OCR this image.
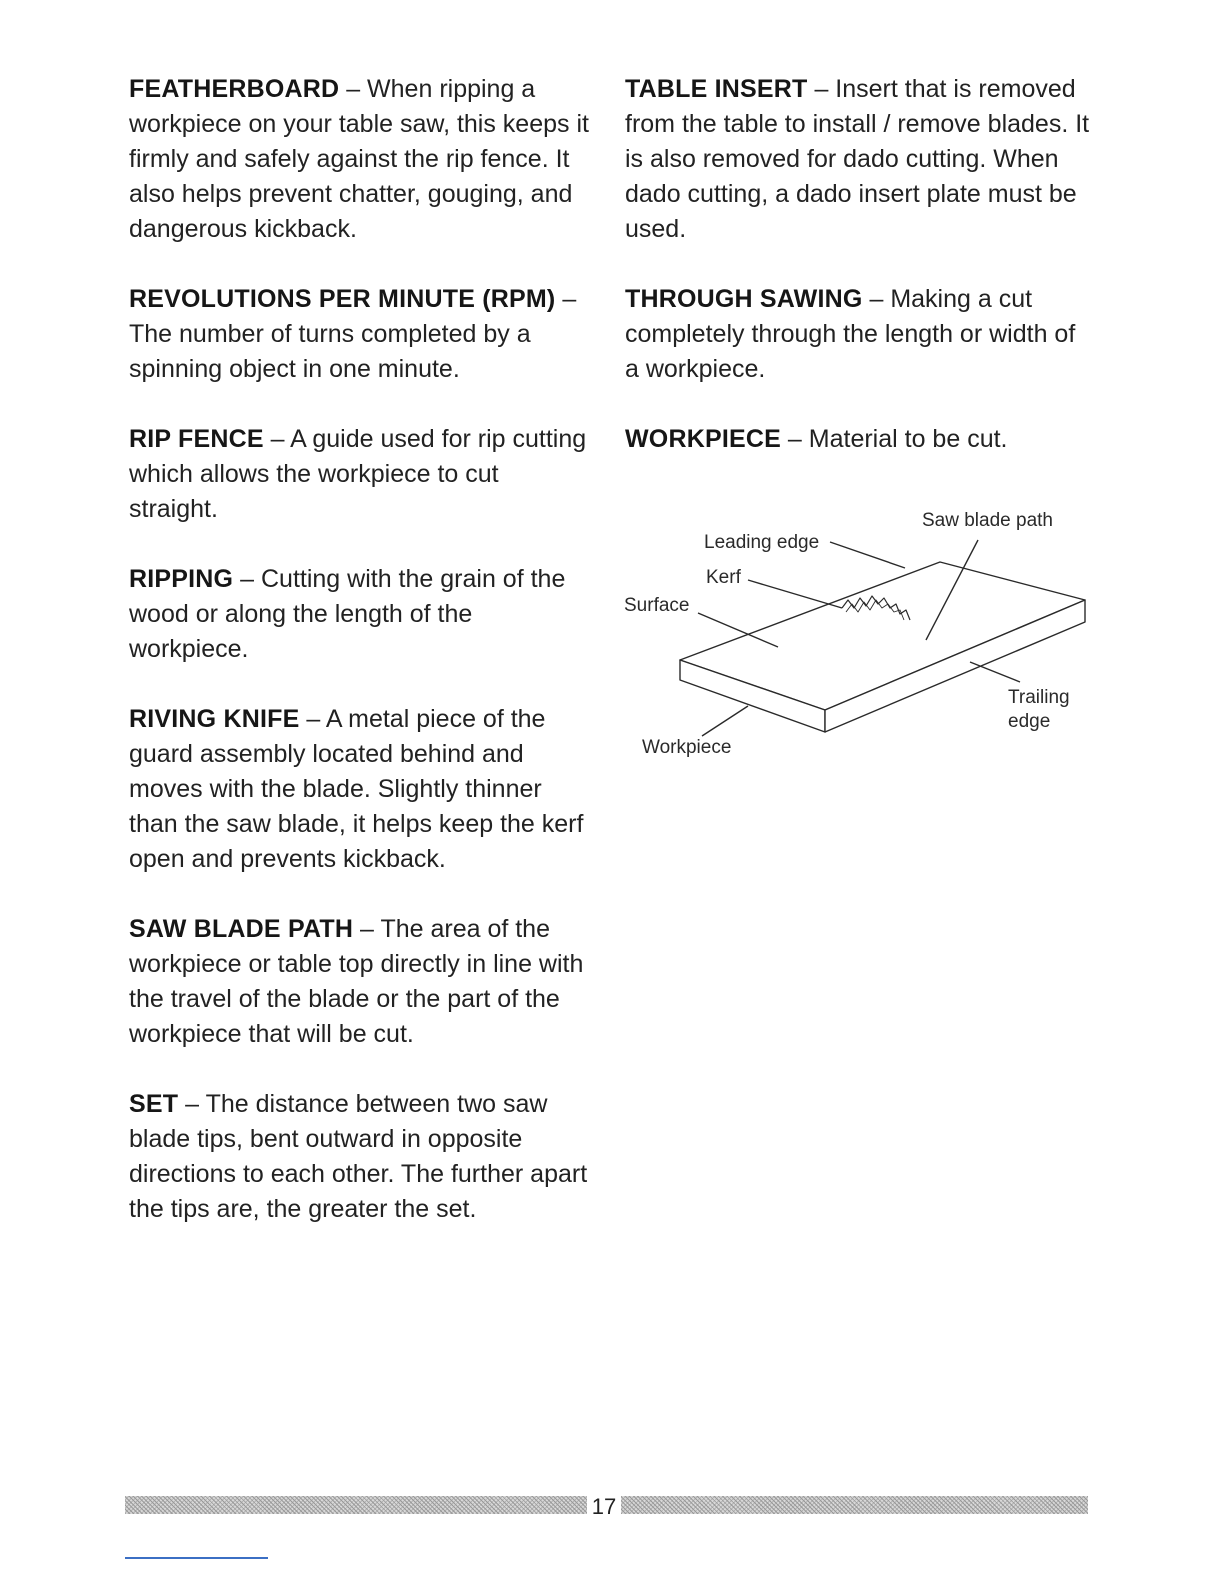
FEATHERBOARD – When ripping a workpiece on your table saw, this keeps it firmly and safely against the rip fence. It also helps prevent chatter, gouging, and dangerous kickback.

REVOLUTIONS PER MINUTE (RPM) – The number of turns completed by a spinning object in one minute.

RIP FENCE – A guide used for rip cutting which allows the workpiece to cut straight.

RIPPING – Cutting with the grain of the wood or along the length of the workpiece.

RIVING KNIFE – A metal piece of the guard assembly located behind and moves with the blade. Slightly thinner than the saw blade, it helps keep the kerf open and prevents kickback.

SAW BLADE PATH – The area of the workpiece or table top directly in line with the travel of the blade or the part of the workpiece that will be cut.

SET – The distance between two saw blade tips, bent outward in opposite directions to each other. The further apart the tips are, the greater the set.

TABLE INSERT – Insert that is removed from the table to install / remove blades. It is also removed for dado cutting. When dado cutting, a dado insert plate must be used.

THROUGH SAWING – Making a cut completely through the length or width of a workpiece.

WORKPIECE – Material to be cut.

Saw blade path
Leading edge
Kerf
Surface
Trailing
edge
Workpiece
17
